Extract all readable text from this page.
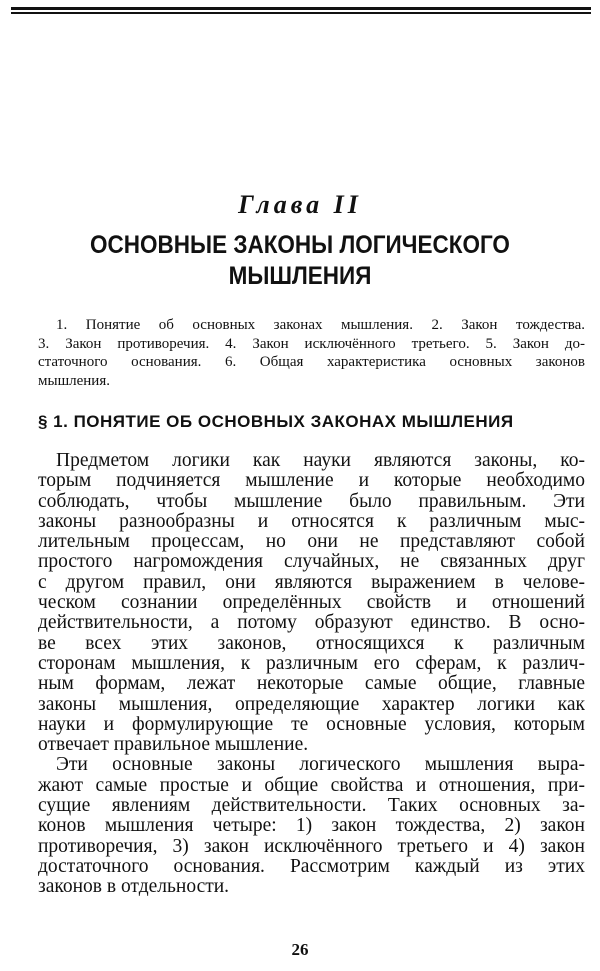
Глава II
ОСНОВНЫЕ ЗАКОНЫ ЛОГИЧЕСКОГО
МЫШЛЕНИЯ
1. Понятие об основных законах мышления. 2. Закон тождества.
3. Закон противоречия. 4. Закон исключённого третьего. 5. Закон до-
статочного основания. 6. Общая характеристика основных законов
мышления.
§ 1. ПОНЯТИЕ ОБ ОСНОВНЫХ ЗАКОНАХ МЫШЛЕНИЯ
Предметом логики как науки являются законы, ко-
торым подчиняется мышление и которые необходимо
соблюдать, чтобы мышление было правильным. Эти
законы разнообразны и относятся к различным мыс-
лительным процессам, но они не представляют собой
простого нагромождения случайных, не связанных друг
с другом правил, они являются выражением в челове-
ческом сознании определённых свойств и отношений
действительности, а потому образуют единство. В осно-
ве всех этих законов, относящихся к различным
сторонам мышления, к различным его сферам, к различ-
ным формам, лежат некоторые самые общие, главные
законы мышления, определяющие характер логики как
науки и формулирующие те основные условия, которым
отвечает правильное мышление.
Эти основные законы логического мышления выра-
жают самые простые и общие свойства и отношения, при-
сущие явлениям действительности. Таких основных за-
конов мышления четыре: 1) закон тождества, 2) закон
противоречия, 3) закон исключённого третьего и 4) закон
достаточного основания. Рассмотрим каждый из этих
законов в отдельности.
26
